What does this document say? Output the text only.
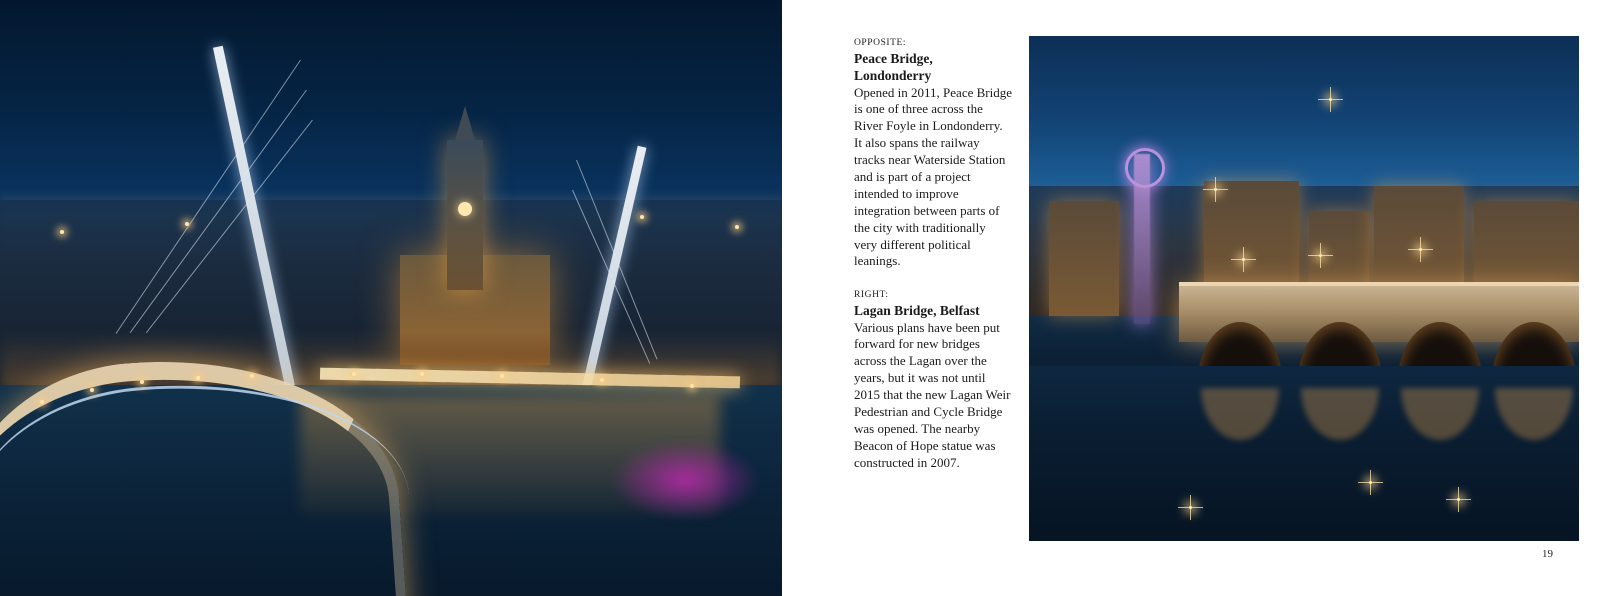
OPPOSITE:
Peace Bridge, Londonderry
Opened in 2011, Peace Bridge is one of three across the River Foyle in Londonderry. It also spans the railway tracks near Waterside Station and is part of a project intended to improve integration between parts of the city with traditionally very different political leanings.
RIGHT:
Lagan Bridge, Belfast
Various plans have been put forward for new bridges across the Lagan over the years, but it was not until 2015 that the new Lagan Weir Pedestrian and Cycle Bridge was opened. The nearby Beacon of Hope statue was constructed in 2007.
19
